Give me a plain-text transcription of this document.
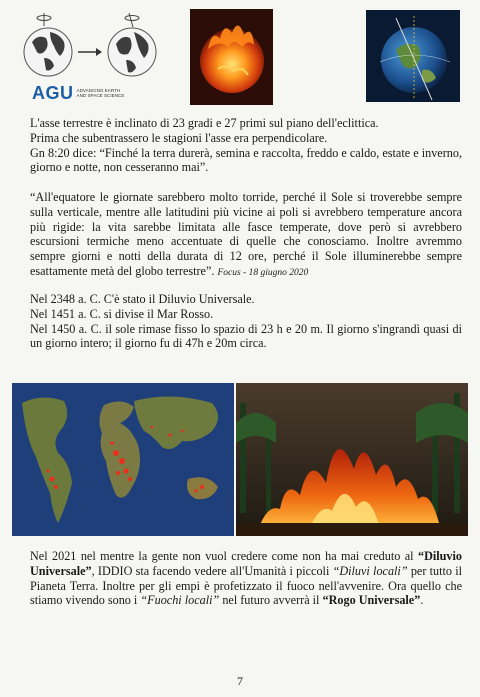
AGU ADVANCING EARTH AND SPACE SCIENCE
L'asse terrestre è inclinato di 23 gradi e 27 primi sul piano dell'eclittica.
Prima che subentrassero le stagioni l'asse era perpendicolare.
Gn 8:20 dice: “Finché la terra durerà, semina e raccolta, freddo e caldo, estate e inverno, giorno e notte, non cesseranno mai”.
“All'equatore le giornate sarebbero molto torride, perché il Sole si troverebbe sempre sulla verticale, mentre alle latitudini più vicine ai poli si avrebbero temperature ancora più rigide: la vita sarebbe limitata alle fasce temperate, dove però si avrebbero escursioni termiche meno accentuate di quelle che conosciamo. Inoltre avremmo sempre giorni e notti della durata di 12 ore, perché il Sole illuminerebbe sempre esattamente metà del globo terrestre”. Focus - 18 giugno 2020
Nel 2348 a. C. C'è stato il Diluvio Universale.
Nel 1451 a. C. si divise il Mar Rosso.
Nel 1450 a. C. il sole rimase fisso lo spazio di 23 h e 20 m. Il giorno s'ingrandì quasi di un giorno intero; il giorno fu di 47h e 20m circa.
Nel 2021 nel mentre la gente non vuol credere come non ha mai creduto al “Diluvio Universale”, IDDIO sta facendo vedere all'Umanità i piccoli “Diluvi locali” per tutto il Pianeta Terra. Inoltre per gli empi è profetizzato il fuoco nell'avvenire. Ora quello che stiamo vivendo sono i “Fuochi locali” nel futuro avverrà il “Rogo Universale”.
7
